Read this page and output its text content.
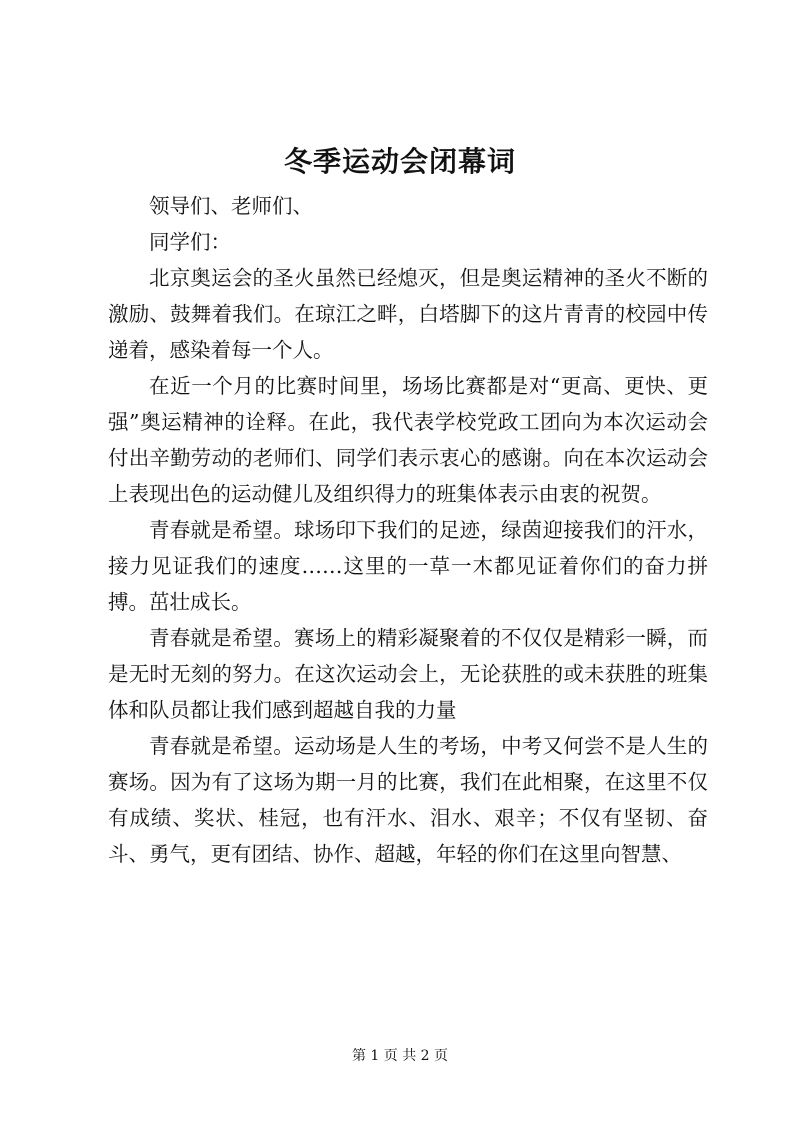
冬季运动会闭幕词

领导们、老师们、

同学们：

北京奥运会的圣火虽然已经熄灭，但是奥运精神的圣火不断的激励、鼓舞着我们。在琼江之畔，白塔脚下的这片青青的校园中传递着，感染着每一个人。

在近一个月的比赛时间里，场场比赛都是对“更高、更快、更强”奥运精神的诠释。在此，我代表学校党政工团向为本次运动会付出辛勤劳动的老师们、同学们表示衷心的感谢。向在本次运动会上表现出色的运动健儿及组织得力的班集体表示由衷的祝贺。

青春就是希望。球场印下我们的足迹，绿茵迎接我们的汗水，接力见证我们的速度……这里的一草一木都见证着你们的奋力拼搏。茁壮成长。

青春就是希望。赛场上的精彩凝聚着的不仅仅是精彩一瞬，而是无时无刻的努力。在这次运动会上，无论获胜的或未获胜的班集体和队员都让我们感到超越自我的力量

青春就是希望。运动场是人生的考场，中考又何尝不是人生的赛场。因为有了这场为期一月的比赛，我们在此相聚，在这里不仅有成绩、奖状、桂冠，也有汗水、泪水、艰辛；不仅有坚韧、奋斗、勇气，更有团结、协作、超越，年轻的你们在这里向智慧、

第 1 页 共 2 页
